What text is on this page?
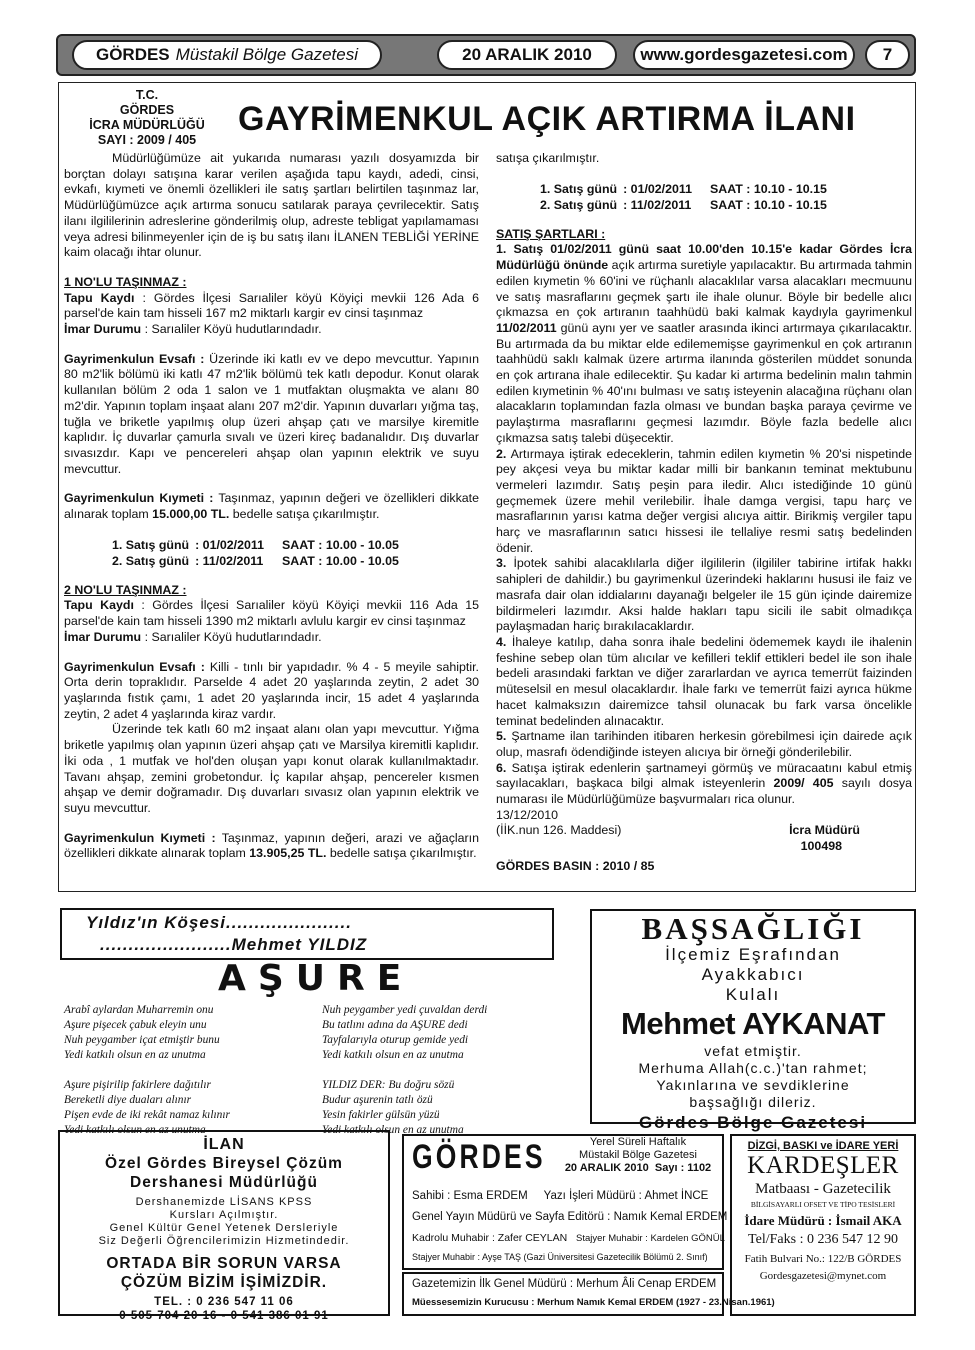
GÖRDES Müstakil Bölge Gazetesi	20 ARALIK 2010	www.gordesgazetesi.com	7
T.C.
GÖRDES
İCRA MÜDÜRLÜĞÜ
SAYI : 2009 / 405
GAYRİMENKUL AÇIK ARTIRMA İLANI

Müdürlüğümüze ait yukarıda numarası yazılı dosyamızda bir borçtan dolayı satışına karar verilen aşağıda tapu kaydı, adedi, cinsi, evkafı, kıymeti ve önemli özellikleri ile satış şartları belirtilen taşınmaz lar, Müdürlüğümüzce açık artırma sonucu satılarak paraya çevrilecektir. Satış ilanı ilgililerinin adreslerine gönderilmiş olup, adreste tebligat yapılamaması veya adresi bilinmeyenler için de iş bu satış ilanı İLANEN TEBLİĞİ YERİNE kaim olacağı ihtar olunur.

1 NO'LU TAŞINMAZ :

Tapu Kaydı : Gördes İlçesi Sarıaliler köyü Köyiçi mevkii 126 Ada 6 parsel'de kain tam hisseli 167 m2 miktarlı kargir ev cinsi taşınmaz

İmar Durumu : Sarıaliler Köyü hudutlarındadır.

Gayrimenkulun Evsafı : Üzerinde iki katlı ev ve depo mevcuttur. Yapının 80 m2'lik bölümü iki katlı 47 m2'lik bölümü tek katlı depodur. Konut olarak kullanılan bölüm 2 oda 1 salon ve 1 mutfaktan oluşmakta ve alanı 80 m2'dir. Yapının toplam inşaat alanı 207 m2'dir. Yapının duvarları yığma taş, tuğla ve briketle yapılmış olup üzeri ahşap çatı ve marsilye kiremitle kaplıdır. İç duvarlar çamurla sıvalı ve üzeri kireç badanalıdır. Dış duvarlar sıvasızdır. Kapı ve pencereleri ahşap olan yapının elektrik ve suyu mevcuttur.

Gayrimenkulun Kıymeti : Taşınmaz, yapının değeri ve özellikleri dikkate alınarak toplam 15.000,00 TL. bedelle satışa çıkarılmıştır.

1. Satış günü	: 01/02/2011	SAAT : 10.00 - 10.05
2. Satış günü	: 11/02/2011	SAAT : 10.00 - 10.05

2 NO'LU TAŞINMAZ :

Tapu Kaydı : Gördes İlçesi Sarıaliler köyü Köyiçi mevkii 116 Ada 15 parsel'de kain tam hisseli 1390 m2 miktarlı avlulu kargir ev cinsi taşınmaz

İmar Durumu : Sarıaliler Köyü hudutlarındadır.

Gayrimenkulun Evsafı : Killi - tınlı bir yapıdadır. % 4 - 5 meyile sahiptir. Orta derin topraklıdır. Parselde 4 adet 20 yaşlarında zeytin, 2 adet 30 yaşlarında fıstık çamı, 1 adet 20 yaşlarında incir, 15 adet 4 yaşlarında zeytin, 2 adet 4 yaşlarında kiraz vardır.

Üzerinde tek katlı 60 m2 inşaat alanı olan yapı mevcuttur. Yığma briketle yapılmış olan yapının üzeri ahşap çatı ve Marsilya kiremitli kaplıdır. İki oda , 1 mutfak ve hol'den oluşan yapı konut olarak kullanılmaktadır. Tavanı ahşap, zemini grobetondur. İç kapılar ahşap, pencereler kısmen ahşap ve demir doğramadır. Dış duvarları sıvasız olan yapının elektrik ve suyu mevcuttur.

Gayrimenkulun Kıymeti : Taşınmaz, yapının değeri, arazi ve ağaçların özellikleri dikkate alınarak toplam 13.905,25 TL. bedelle satışa çıkarılmıştır.

satışa çıkarılmıştır.

1. Satış günü	: 01/02/2011	SAAT : 10.10 - 10.15
2. Satış günü	: 11/02/2011	SAAT : 10.10 - 10.15

SATIŞ ŞARTLARI :

1. Satış 01/02/2011 günü saat 10.00'den 10.15'e kadar Gördes İcra Müdürlüğü önünde açık artırma suretiyle yapılacaktır. Bu artırmada tahmin edilen kıymetin % 60'ini ve rüçhanlı alacaklılar varsa alacakları mecmuunu ve satış masraflarını geçmek şartı ile ihale olunur. Böyle bir bedelle alıcı çıkmazsa en çok artıranın taahhüdü baki kalmak kaydıyla gayrimenkul 11/02/2011 günü aynı yer ve saatler arasında ikinci artırmaya çıkarılacaktır. Bu artırmada da bu miktar elde edilememişse gayrimenkul en çok artıranın taahhüdü saklı kalmak üzere artırma ilanında gösterilen müddet sonunda en çok artırana ihale edilecektir. Şu kadar ki artırma bedelinin malın tahmin edilen kıymetinin % 40'ını bulması ve satış isteyenin alacağına rüçhanı olan alacakların toplamından fazla olması ve bundan başka paraya çevirme ve paylaştırma masraflarını geçmesi lazımdır. Böyle fazla bedelle alıcı çıkmazsa satış talebi düşecektir.

2. Artırmaya iştirak edeceklerin, tahmin edilen kıymetin % 20'si nispetinde pey akçesi veya bu miktar kadar milli bir bankanın teminat mektubunu vermeleri lazımdır. Satış peşin para iledir. Alıcı istediğinde 10 günü geçmemek üzere mehil verilebilir. İhale damga vergisi, tapu harç ve masraflarının yarısı katma değer vergisi alıcıya aittir. Birikmiş vergiler tapu harç ve masraflarının satıcı hissesi ile tellaliye resmi satış bedelinden ödenir.

3. İpotek sahibi alacaklılarla diğer ilgililerin (ilgililer tabirine irtifak hakkı sahipleri de dahildir.) bu gayrimenkul üzerindeki haklarını hususi ile faiz ve masrafa dair olan iddialarını dayanağı belgeler ile 15 gün içinde dairemize bildirmeleri lazımdır. Aksi halde hakları tapu sicili ile sabit olmadıkça paylaşmadan hariç bırakılacaklardır.

4. İhaleye katılıp, daha sonra ihale bedelini ödememek kaydı ile ihalenin feshine sebep olan tüm alıcılar ve kefilleri teklif ettikleri bedel ile son ihale bedeli arasındaki farktan ve diğer zararlardan ve ayrıca temerrüt faizinden müteselsil en mesul olacaklardır. İhale farkı ve temerrüt faizi ayrıca hükme hacet kalmaksızın dairemizce tahsil olunacak bu fark varsa öncelikle teminat bedelinden alınacaktır.

5. Şartname ilan tarihinden itibaren herkesin görebilmesi için dairede açık olup, masrafı ödendiğinde isteyen alıcıya bir örneği gönderilebilir.

6. Satışa iştirak edenlerin şartnameyi görmüş ve müracaatını kabul etmiş sayılacakları, başkaca bilgi almak isteyenlerin 2009/ 405 sayılı dosya numarası ile Müdürlüğümüze başvurmaları rica olunur.

13/12/2010

(İİK.nun 126. Maddesi)	İcra Müdürü
100498
GÖRDES BASIN : 2010 / 85
Yıldız'ın Köşesi......................
.......................Mehmet YILDIZ
AŞURE
Arabî aylardan Muharremin onu
Aşure pişecek çabuk eleyin unu
Nuh peygamber içat etmiştir bunu
Yedi katkılı olsun en az unutma
Aşure pişirilip fakirlere dağıtılır
Bereketli diye duaları alınır
Pişen evde de iki rekât namaz kılınır
Yedi katkılı olsun en az unutma
Nuh peygamber yedi çuvaldan derdi
Bu tatlını adına da AŞURE dedi
Tayfalarıyla oturup gemide yedi
Yedi katkılı olsun en az unutma
YILDIZ DER: Bu doğru sözü
Budur aşurenin tatlı özü
Yesin fakirler gülsün yüzü
Yedi katkılı olsun en az unutma
BAŞSAĞLIĞI
İlçemiz Eşrafından
Ayakkabıcı
Kulalı
Mehmet AYKANAT
vefat etmiştir.
Merhuma Allah(c.c.)'tan rahmet;
Yakınlarına ve sevdiklerine
başsağlığı dileriz.
Gördes Bölge Gazetesi
İLAN
Özel Gördes Bireysel Çözüm
Dershanesi Müdürlüğü
Dershanemizde LİSANS KPSS
Kursları Açılmıştır.
Genel Kültür Genel Yetenek Dersleriyle
Siz Değerli Öğrencilerimizin Hizmetindedir.
ORTADA BİR SORUN VARSA
ÇÖZÜM BİZİM İŞİMİZDİR.
TEL. : 0 236 547 11 06
0 505 704 20 16 - 0 541 386 01 91
GÖRDES	Yerel Süreli Haftalık
Müstakil Bölge Gazetesi
20 ARALIK 2010 Sayı : 1102
Sahibi : Esma ERDEM Yazı İşleri Müdürü : Ahmet İNCE
Genel Yayın Müdürü ve Sayfa Editörü : Namık Kemal ERDEM
Kadrolu Muhabir : Zafer CEYLAN Stajyer Muhabir : Kardelen GÖNÜL
Stajyer Muhabir : Ayşe TAŞ (Gazi Üniversitesi Gazetecilik Bölümü 2. Sınıf)
Gazetemizin İlk Genel Müdürü : Merhum Âli Cenap ERDEM
Müessesemizin Kurucusu : Merhum Namık Kemal ERDEM (1927 - 23.Nisan.1961)
DİZGİ, BASKI ve İDARE YERİ
KARDEŞLER
Matbaası - Gazetecilik
BİLGİSAYARLI OFSET VE TİPO TESİSLERİ
İdare Müdürü : İsmail AKA
Tel/Faks : 0 236 547 12 90
Fatih Bulvari No.: 122/B GÖRDES
Gordesgazetesi@mynet.com
